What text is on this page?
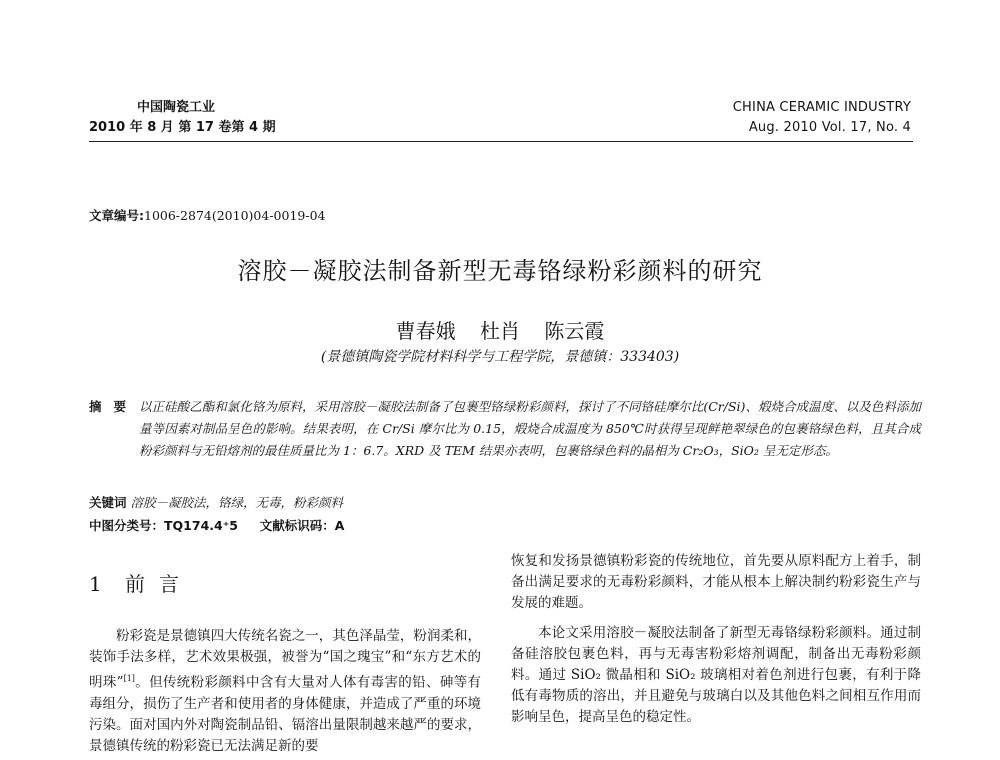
中国陶瓷工业
2010 年 8 月 第 17 卷第 4 期
CHINA CERAMIC INDUSTRY
Aug. 2010 Vol. 17, No. 4
文章编号:1006-2874(2010)04-0019-04
溶胶－凝胶法制备新型无毒铬绿粉彩颜料的研究
曹春娥 杜肖 陈云霞
(景德镇陶瓷学院材料科学与工程学院，景德镇：333403)
摘要 以正硅酸乙酯和氯化铬为原料，采用溶胶－凝胶法制备了包裹型铬绿粉彩颜料，探讨了不同铬硅摩尔比(Cr/Si)、煅烧合成温度、以及色料添加量等因素对制品呈色的影响。结果表明，在 Cr/Si 摩尔比为 0.15，煅烧合成温度为 850℃时获得呈现鲜艳翠绿色的包裹铬绿色料，且其合成粉彩颜料与无铅熔剂的最佳质量比为 1：6.7。XRD 及 TEM 结果亦表明，包裹铬绿色料的晶相为 Cr₂O₃，SiO₂ 呈无定形态。
关键词 溶胶－凝胶法，铬绿，无毒，粉彩颜料
中图分类号：TQ174.4⁺5 文献标识码：A
1 前言

粉彩瓷是景德镇四大传统名瓷之一，其色泽晶莹，粉润柔和，装饰手法多样，艺术效果极强，被誉为“国之瑰宝”和“东方艺术的明珠”[1]。但传统粉彩颜料中含有大量对人体有毒害的铅、砷等有毒组分，损伤了生产者和使用者的身体健康，并造成了严重的环境污染。面对国内外对陶瓷制品铅、镉溶出量限制越来越严的要求，景德镇传统的粉彩瓷已无法满足新的要

恢复和发扬景德镇粉彩瓷的传统地位，首先要从原料配方上着手，制备出满足要求的无毒粉彩颜料，才能从根本上解决制约粉彩瓷生产与发展的难题。

本论文采用溶胶－凝胶法制备了新型无毒铬绿粉彩颜料。通过制备硅溶胶包裹色料，再与无毒害粉彩熔剂调配，制备出无毒粉彩颜料。通过 SiO₂ 微晶相和 SiO₂ 玻璃相对着色剂进行包裹，有利于降低有毒物质的溶出，并且避免与玻璃白以及其他色料之间相互作用而影响呈色，提高呈色的稳定性。
